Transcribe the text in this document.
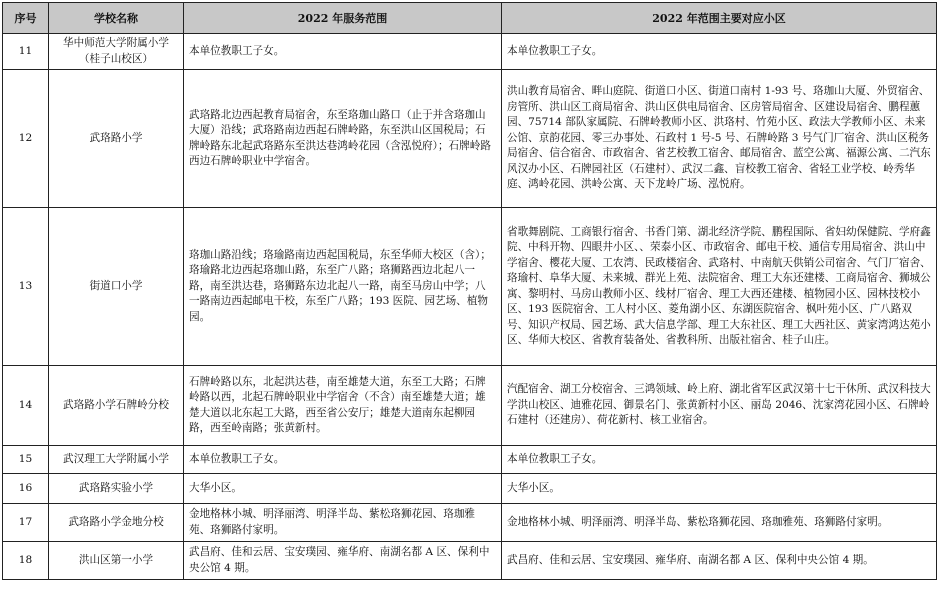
序号	学校名称	2022 年服务范围	2022 年范围主要对应小区
11	华中师范大学附属小学（桂子山校区）	本单位教职工子女。	本单位教职工子女。
12	武珞路小学	武珞路北边西起教育局宿舍，东至珞珈山路口（止于并含珞珈山大厦）沿线；武珞路南边西起石牌岭路，东至洪山区国税局；石牌岭路东北起武珞路东至洪达巷鸿岭花园（含泓悦府）；石牌岭路西边石牌岭职业中学宿舍。	洪山教育局宿舍、畔山庭院、街道口小区、街道口南村 1-93 号、珞珈山大厦、外贸宿舍、房管所、洪山区工商局宿舍、洪山区供电局宿舍、区房管局宿舍、区建设局宿舍、鹏程蕙园、75714 部队家属院、石牌岭教师小区、洪珞村、竹苑小区、政法大学教师小区、未来公馆、京韵花园、零三办事处、石政村 1 号-5 号、石牌岭路 3 号气门厂宿舍、洪山区税务局宿舍、信合宿舍、市政宿舍、省艺校教工宿舍、邮局宿舍、蓝空公寓、福源公寓、二汽东风汉办小区、石牌园社区（石建村）、武汉二鑫、盲校教工宿舍、省轻工业学校、岭秀华庭、鸿岭花园、洪岭公寓、天下龙岭广场、泓悦府。
13	街道口小学	珞珈山路沿线；珞瑜路南边西起国税局，东至华师大校区（含）；珞瑜路北边西起珞珈山路，东至广八路；珞狮路西边北起八一路，南至洪达巷，珞狮路东边北起八一路，南至马房山中学；八一路南边西起邮电干校，东至广八路；193 医院、园艺场、植物园。	省歌舞剧院、工商银行宿舍、书香门第、湖北经济学院、鹏程国际、省妇幼保健院、学府鑫院、中科开物、四眼井小区、、荣泰小区、市政宿舍、邮电干校、通信专用局宿舍、洪山中学宿舍、樱花大厦、工农湾、民政楼宿舍、武珞村、中南航天供销公司宿舍、气门厂宿舍、珞瑜村、阜华大厦、未来城、群光上苑、法院宿舍、理工大东还建楼、工商局宿舍、狮城公寓、黎明村、马房山教师小区、线材厂宿舍、理工大西还建楼、植物园小区、园林技校小区、193 医院宿舍、工人村小区、菱角湖小区、东湖医院宿舍、枫叶苑小区、广八路双号、知识产权局、园艺场、武大信息学部、理工大东社区、理工大西社区、黄家湾鸿达苑小区、华师大校区、省教育装备处、省教科所、出版社宿舍、桂子山庄。
14	武珞路小学石牌岭分校	石牌岭路以东，北起洪达巷，南至雄楚大道，东至工大路；石牌岭路以西，北起石牌岭职业中学宿舍（不含）南至雄楚大道；雄楚大道以北东起工大路，西至省公安厅；雄楚大道南东起柳园路，西至岭南路；张黄新村。	汽配宿舍、湖工分校宿舍、三鸿领域、岭上府、湖北省军区武汉第十七干休所、武汉科技大学洪山校区、迪雅花园、御景名门、张黄新村小区、丽岛 2046、沈家湾花园小区、石牌岭石建村（还建房）、荷花新村、核工业宿舍。
15	武汉理工大学附属小学	本单位教职工子女。	本单位教职工子女。
16	武珞路实验小学	大华小区。	大华小区。
17	武珞路小学金地分校	金地格林小城、明泽丽湾、明泽半岛、紫松珞狮花园、珞珈雅苑、珞狮路付家明。	金地格林小城、明泽丽湾、明泽半岛、紫松珞狮花园、珞珈雅苑、珞狮路付家明。
18	洪山区第一小学	武昌府、佳和云居、宝安璞园、雍华府、南湖名都 A 区、保利中央公馆 4 期。	武昌府、佳和云居、宝安璞园、雍华府、南湖名都 A 区、保利中央公馆 4 期。
